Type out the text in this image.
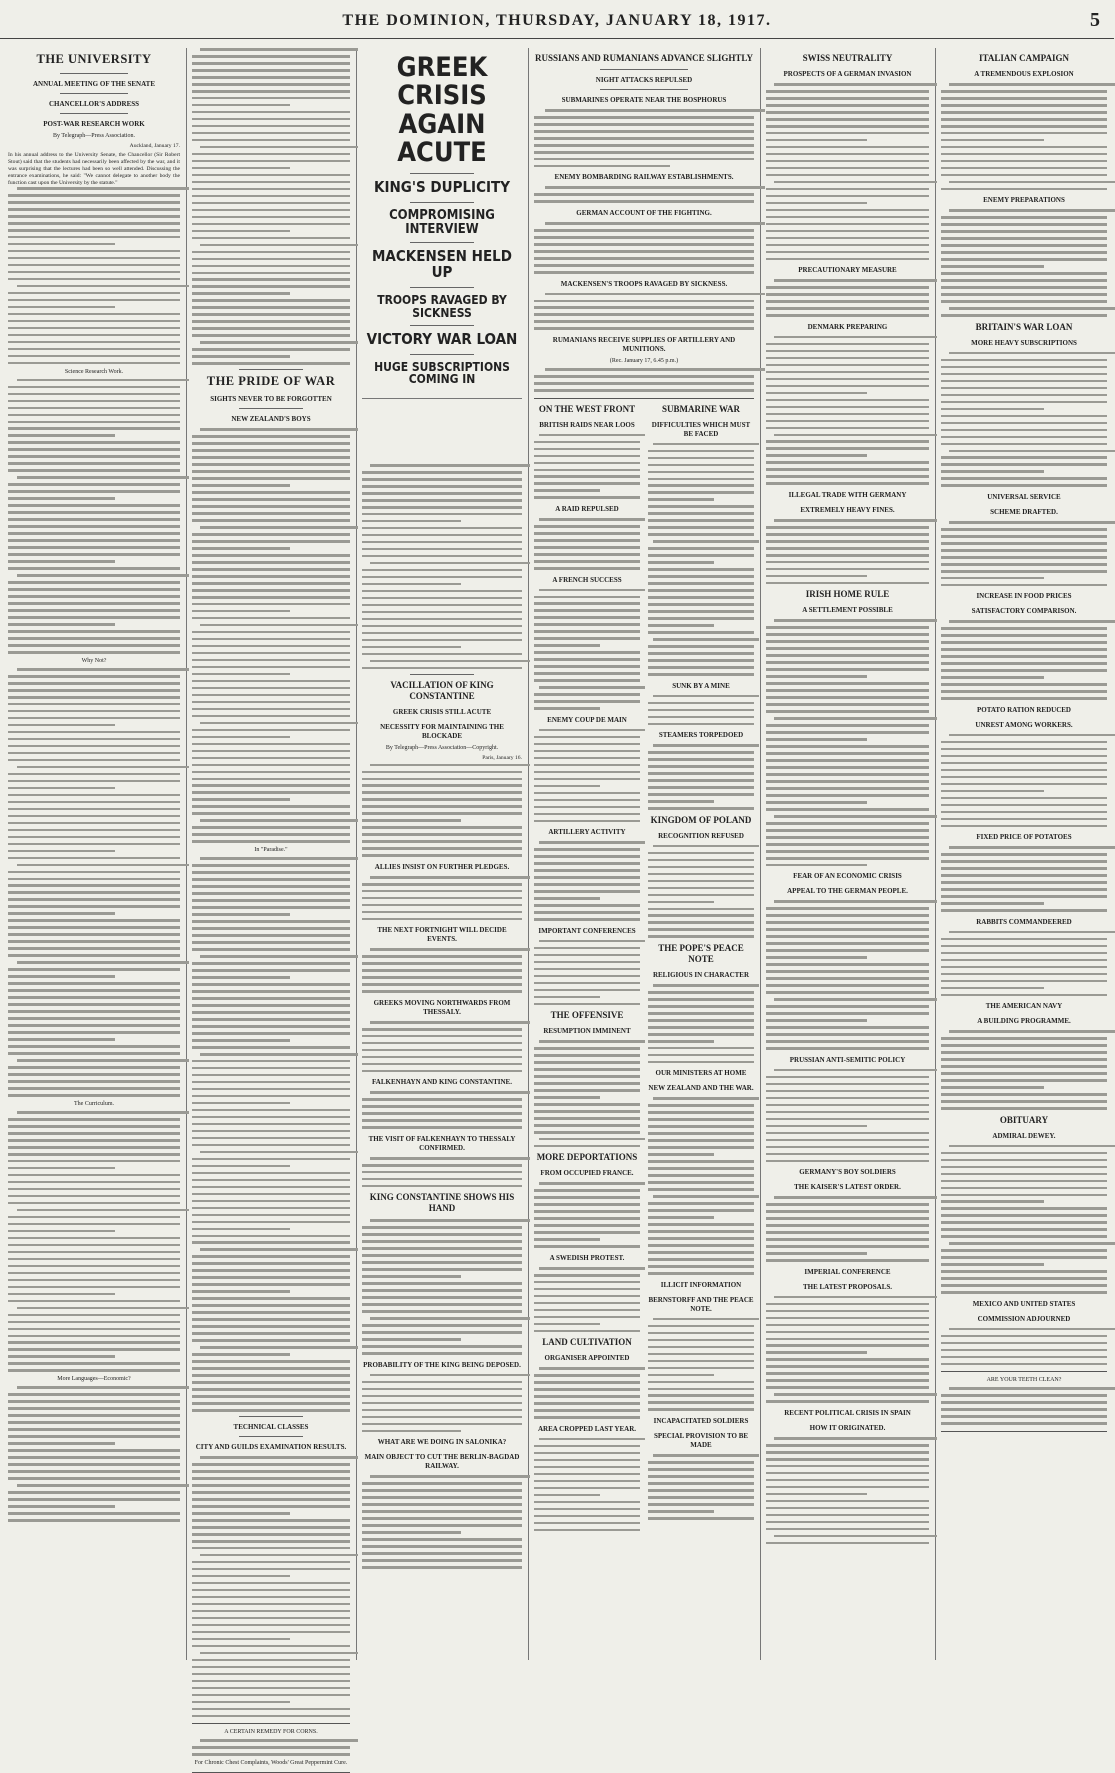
THE DOMINION, THURSDAY, JANUARY 18, 1917.	5
THE UNIVERSITY
ANNUAL MEETING OF THE SENATE
CHANCELLOR'S ADDRESS
POST-WAR RESEARCH WORK
By Telegraph—Press Association.
Auckland, January 17.

In his annual address to the University Senate, the Chancellor (Sir Robert Stout) said that the students had necessarily been affected by the war, and it was surprising that the lectures had been so well attended. Discussing the entrance examinations, he said: "We cannot delegate to another body the function cast upon the University by the statute."

Science Research Work.
Why Not?
The Curriculum.
More Languages—Economic?
THE PRIDE OF WAR
SIGHTS NEVER TO BE FORGOTTEN
NEW ZEALAND'S BOYS
In "Paradise."
TECHNICAL CLASSES
CITY AND GUILDS EXAMINATION RESULTS.
A CERTAIN REMEDY FOR CORNS.
For Chronic Chest Complaints, Woods' Great Peppermint Cure.
GREEK CRISIS AGAIN ACUTE
KING'S DUPLICITY
COMPROMISING INTERVIEW
MACKENSEN HELD UP
TROOPS RAVAGED BY SICKNESS
VICTORY WAR LOAN
HUGE SUBSCRIPTIONS COMING IN
VACILLATION OF KING CONSTANTINE
GREEK CRISIS STILL ACUTE
NECESSITY FOR MAINTAINING THE BLOCKADE
By Telegraph—Press Association—Copyright.
Paris, January 16.
ALLIES INSIST ON FURTHER PLEDGES.
THE NEXT FORTNIGHT WILL DECIDE EVENTS.
GREEKS MOVING NORTHWARDS FROM THESSALY.
FALKENHAYN AND KING CONSTANTINE.
THE VISIT OF FALKENHAYN TO THESSALY CONFIRMED.
KING CONSTANTINE SHOWS HIS HAND
PROBABILITY OF THE KING BEING DEPOSED.
WHAT ARE WE DOING IN SALONIKA?
MAIN OBJECT TO CUT THE BERLIN-BAGDAD RAILWAY.
RUSSIANS AND RUMANIANS ADVANCE SLIGHTLY
NIGHT ATTACKS REPULSED
SUBMARINES OPERATE NEAR THE BOSPHORUS
ENEMY BOMBARDING RAILWAY ESTABLISHMENTS.
GERMAN ACCOUNT OF THE FIGHTING.
MACKENSEN'S TROOPS RAVAGED BY SICKNESS.
RUMANIANS RECEIVE SUPPLIES OF ARTILLERY AND MUNITIONS.
(Rec. January 17, 6.45 p.m.)
ON THE WEST FRONT
BRITISH RAIDS NEAR LOOS
A RAID REPULSED
A FRENCH SUCCESS
ENEMY COUP DE MAIN
ARTILLERY ACTIVITY
IMPORTANT CONFERENCES
THE OFFENSIVE
RESUMPTION IMMINENT
MORE DEPORTATIONS
FROM OCCUPIED FRANCE.
A SWEDISH PROTEST.
LAND CULTIVATION
ORGANISER APPOINTED
AREA CROPPED LAST YEAR.
SUBMARINE WAR
DIFFICULTIES WHICH MUST BE FACED
SUNK BY A MINE
STEAMERS TORPEDOED
KINGDOM OF POLAND
RECOGNITION REFUSED
THE POPE'S PEACE NOTE
RELIGIOUS IN CHARACTER
OUR MINISTERS AT HOME
NEW ZEALAND AND THE WAR.
ILLICIT INFORMATION
BERNSTORFF AND THE PEACE NOTE.
INCAPACITATED SOLDIERS
SPECIAL PROVISION TO BE MADE
SWISS NEUTRALITY
PROSPECTS OF A GERMAN INVASION
PRECAUTIONARY MEASURE
DENMARK PREPARING
ILLEGAL TRADE WITH GERMANY
EXTREMELY HEAVY FINES.
IRISH HOME RULE
A SETTLEMENT POSSIBLE
FEAR OF AN ECONOMIC CRISIS
APPEAL TO THE GERMAN PEOPLE.
PRUSSIAN ANTI-SEMITIC POLICY
GERMANY'S BOY SOLDIERS
THE KAISER'S LATEST ORDER.
IMPERIAL CONFERENCE
THE LATEST PROPOSALS.
RECENT POLITICAL CRISIS IN SPAIN
HOW IT ORIGINATED.
ITALIAN CAMPAIGN
A TREMENDOUS EXPLOSION
ENEMY PREPARATIONS
BRITAIN'S WAR LOAN
MORE HEAVY SUBSCRIPTIONS
UNIVERSAL SERVICE
SCHEME DRAFTED.
INCREASE IN FOOD PRICES
SATISFACTORY COMPARISON.
POTATO RATION REDUCED
UNREST AMONG WORKERS.
FIXED PRICE OF POTATOES
RABBITS COMMANDEERED
THE AMERICAN NAVY
A BUILDING PROGRAMME.
OBITUARY
ADMIRAL DEWEY.
MEXICO AND UNITED STATES
COMMISSION ADJOURNED
ARE YOUR TEETH CLEAN?
